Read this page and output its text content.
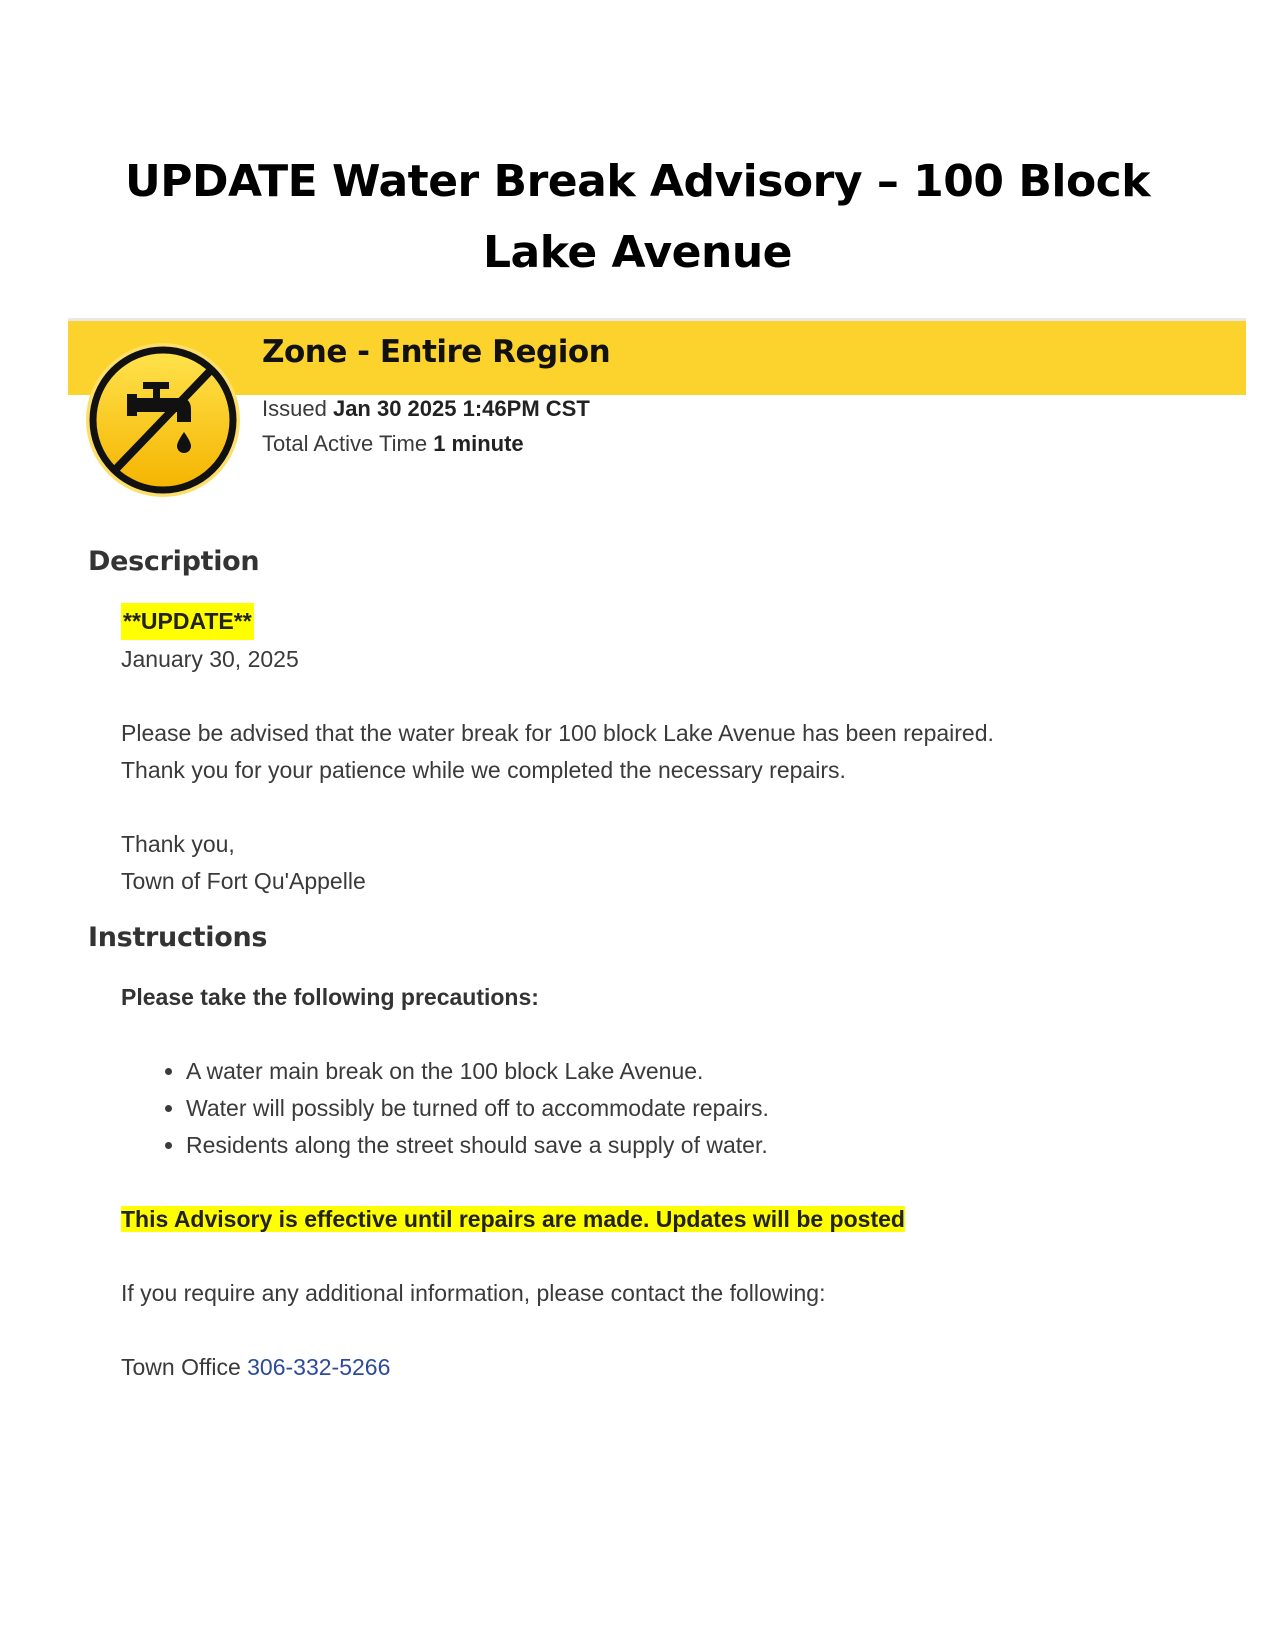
UPDATE Water Break Advisory – 100 Block
Lake Avenue
Zone - Entire Region
Issued Jan 30 2025 1:46PM CST
Total Active Time 1 minute
Description
**UPDATE**
January 30, 2025
Please be advised that the water break for 100 block Lake Avenue has been repaired.
Thank you for your patience while we completed the necessary repairs.
Thank you,
Town of Fort Qu'Appelle
Instructions
Please take the following precautions:
• A water main break on the 100 block Lake Avenue.
• Water will possibly be turned off to accommodate repairs.
• Residents along the street should save a supply of water.
This Advisory is effective until repairs are made. Updates will be posted
If you require any additional information, please contact the following:
Town Office 306-332-5266
